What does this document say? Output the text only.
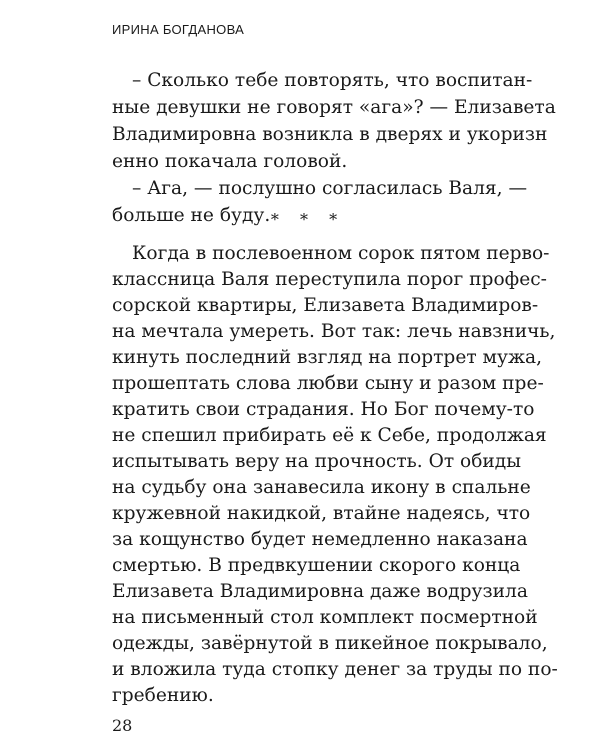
ИРИНА БОГДАНОВА

– Сколько тебе повторять, что воспитан-

ные девушки не говорят «ага»? — Елизавета

Владимировна возникла в дверях и укоризн

енно покачала головой.

– Ага, — послушно согласилась Валя, —

больше не буду. * * *

Когда в послевоенном сорок пятом перво-

классница Валя переступила порог профес-

сорской квартиры, Елизавета Владимиров-

на мечтала умереть. Вот так: лечь навзничь,

кинуть последний взгляд на портрет мужа,

прошептать слова любви сыну и разом пре-

кратить свои страдания. Но Бог почему-то

не спешил прибирать её к Себе, продолжая

испытывать веру на прочность. От обиды

на судьбу она занавесила икону в спальне

кружевной накидкой, втайне надеясь, что

за кощунство будет немедленно наказана

смертью. В предвкушении скорого конца

Елизавета Владимировна даже водрузила

на письменный стол комплект посмертной

одежды, завёрнутой в пикейное покрывало,

и вложила туда стопку денег за труды по по-

гребению.

28
